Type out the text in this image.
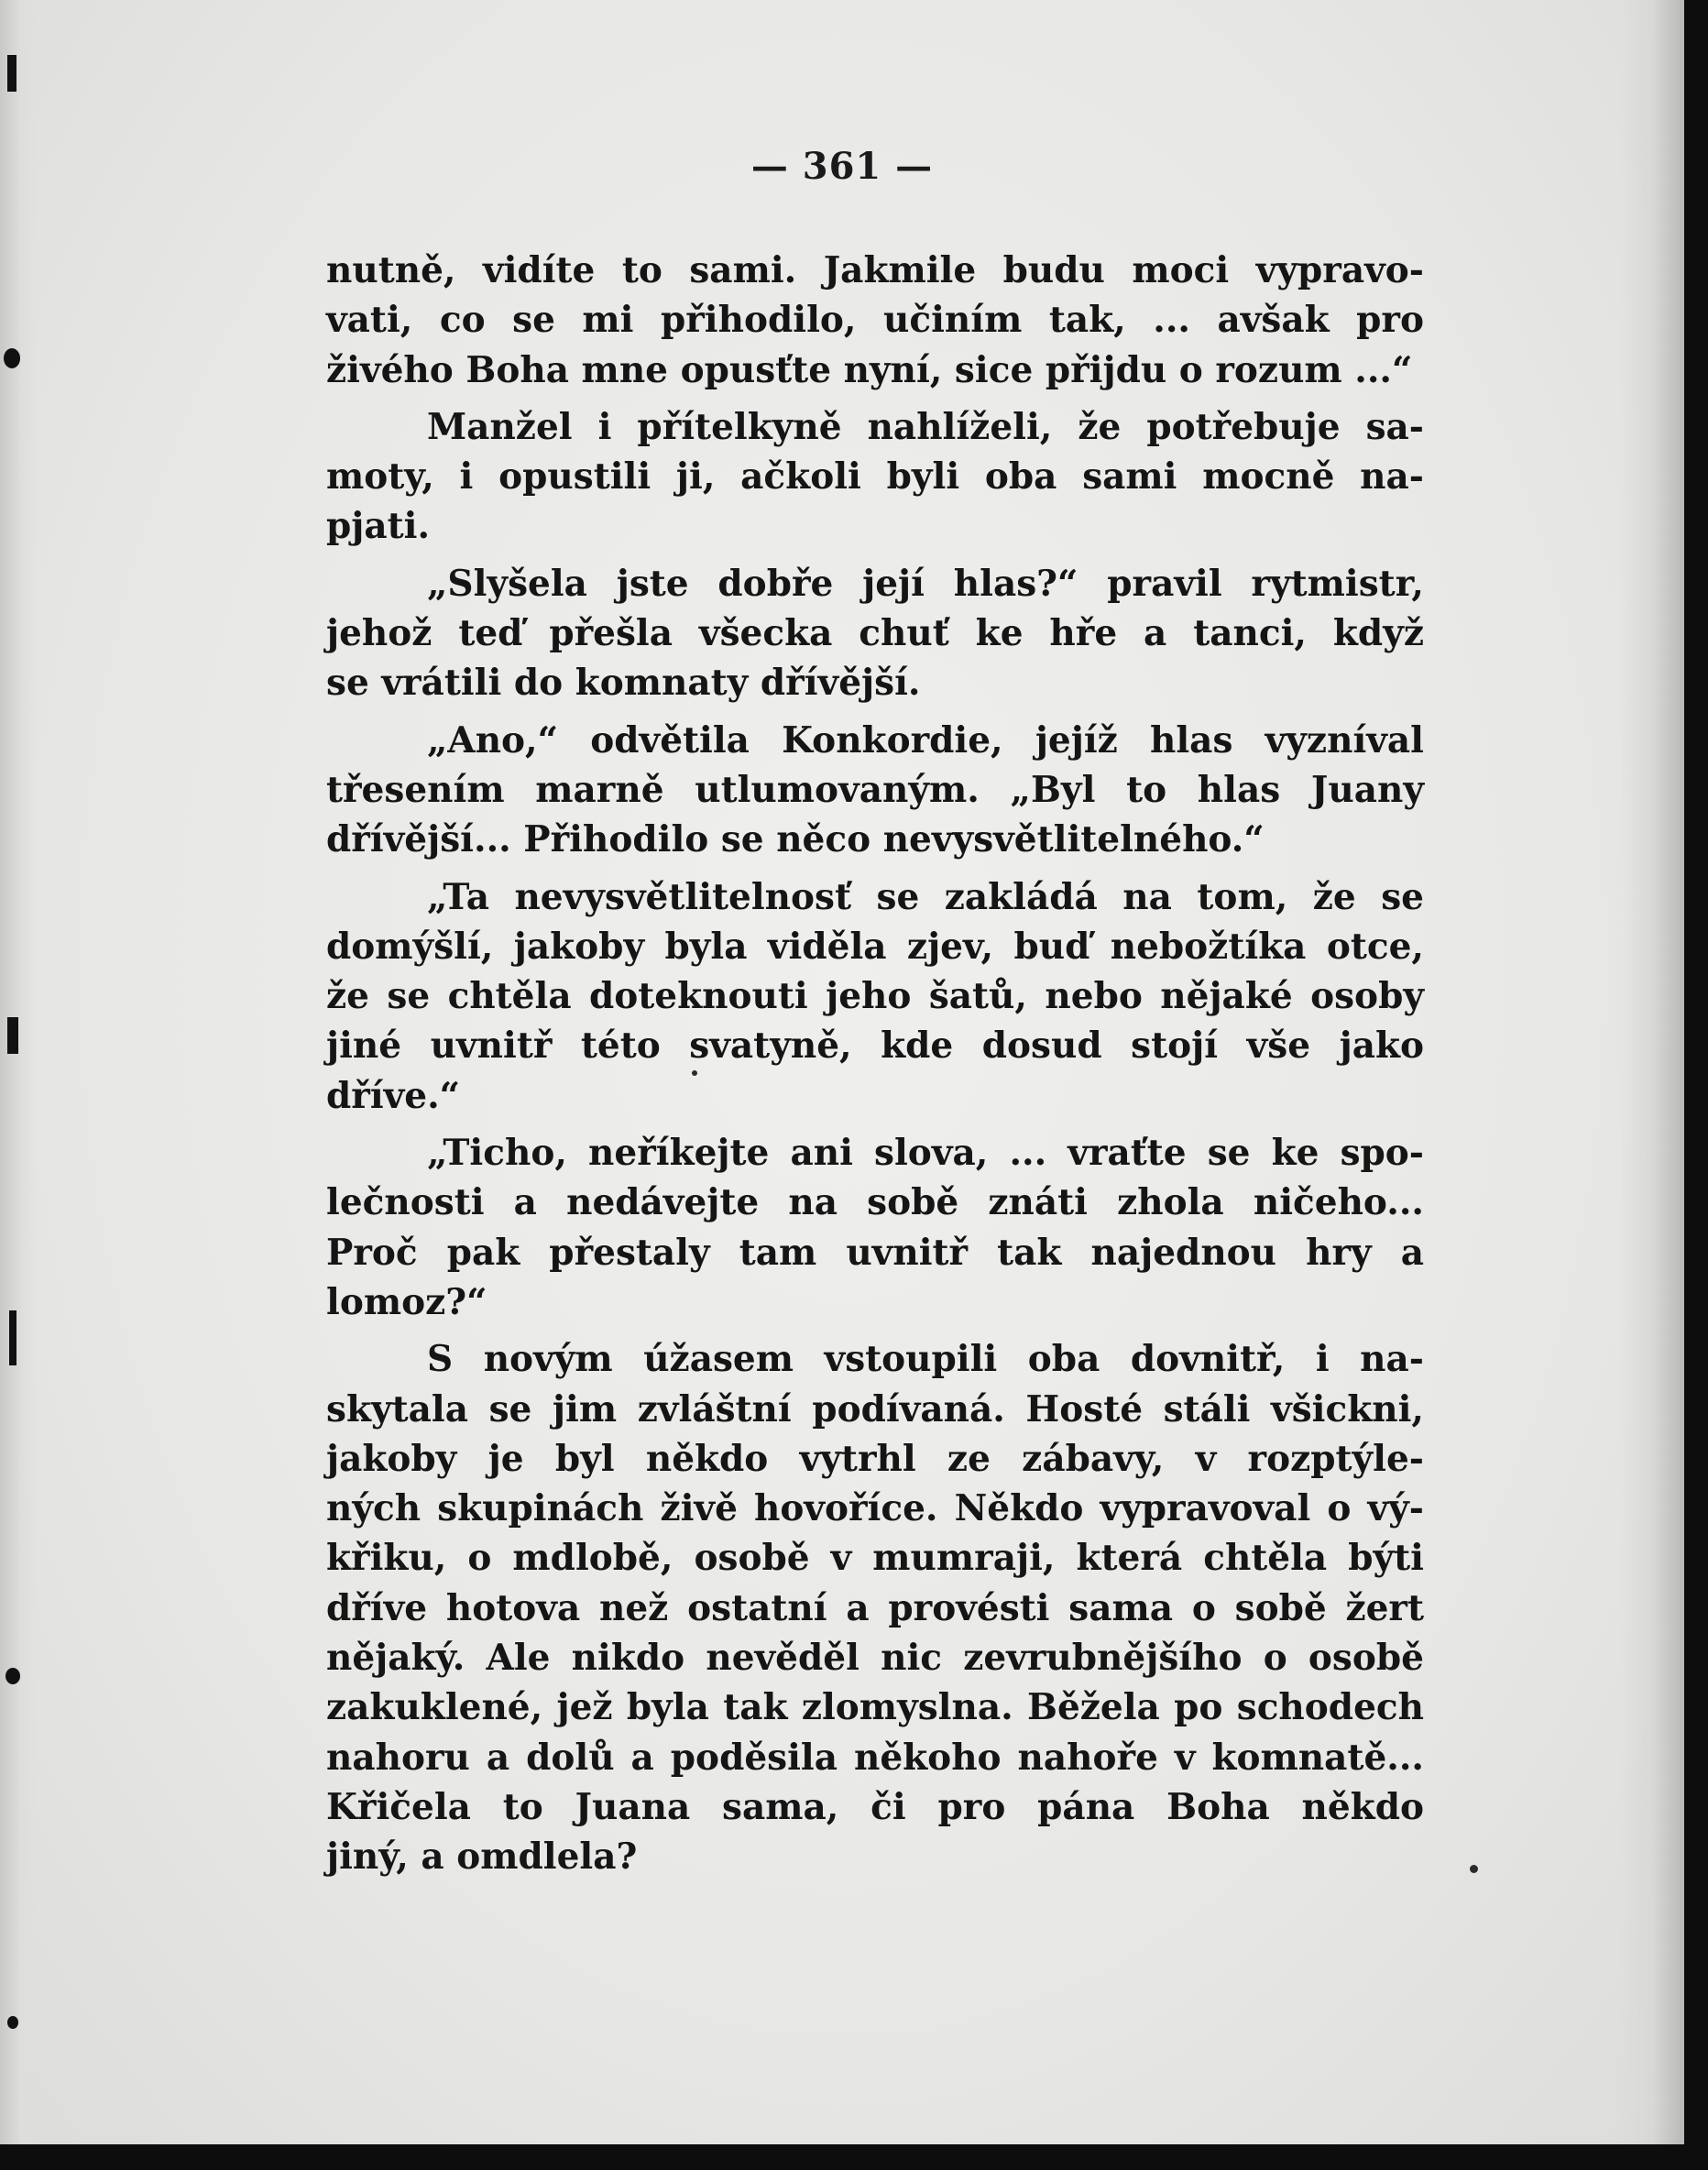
— 361 —
nutně, vidíte to sami. Jakmile budu moci vypravo-
vati, co se mi přihodilo, učiním tak, ... avšak pro
živého Boha mne opusťte nyní, sice přijdu o rozum ...“
Manžel i přítelkyně nahlíželi, že potřebuje sa-
moty, i opustili ji, ačkoli byli oba sami mocně na-
pjati.
„Slyšela jste dobře její hlas?“ pravil rytmistr,
jehož teď přešla všecka chuť ke hře a tanci, když
se vrátili do komnaty dřívější.
„Ano,“ odvětila Konkordie, jejíž hlas vyzníval
třesením marně utlumovaným. „Byl to hlas Juany
dřívější... Přihodilo se něco nevysvětlitelného.“
„Ta nevysvětlitelnosť se zakládá na tom, že se
domýšlí, jakoby byla viděla zjev, buď nebožtíka otce,
že se chtěla doteknouti jeho šatů, nebo nějaké osoby
jiné uvnitř této svatyně, kde dosud stojí vše jako
dříve.“
„Ticho, neříkejte ani slova, ... vraťte se ke spo-
lečnosti a nedávejte na sobě znáti zhola ničeho...
Proč pak přestaly tam uvnitř tak najednou hry a
lomoz?“
S novým úžasem vstoupili oba dovnitř, i na-
skytala se jim zvláštní podívaná. Hosté stáli všickni,
jakoby je byl někdo vytrhl ze zábavy, v rozptýle-
ných skupinách živě hovoříce. Někdo vypravoval o vý-
křiku, o mdlobě, osobě v mumraji, která chtěla býti
dříve hotova než ostatní a provésti sama o sobě žert
nějaký. Ale nikdo nevěděl nic zevrubnějšího o osobě
zakuklené, jež byla tak zlomyslna. Běžela po schodech
nahoru a dolů a poděsila někoho nahoře v komnatě...
Křičela to Juana sama, či pro pána Boha někdo
jiný, a omdlela?
